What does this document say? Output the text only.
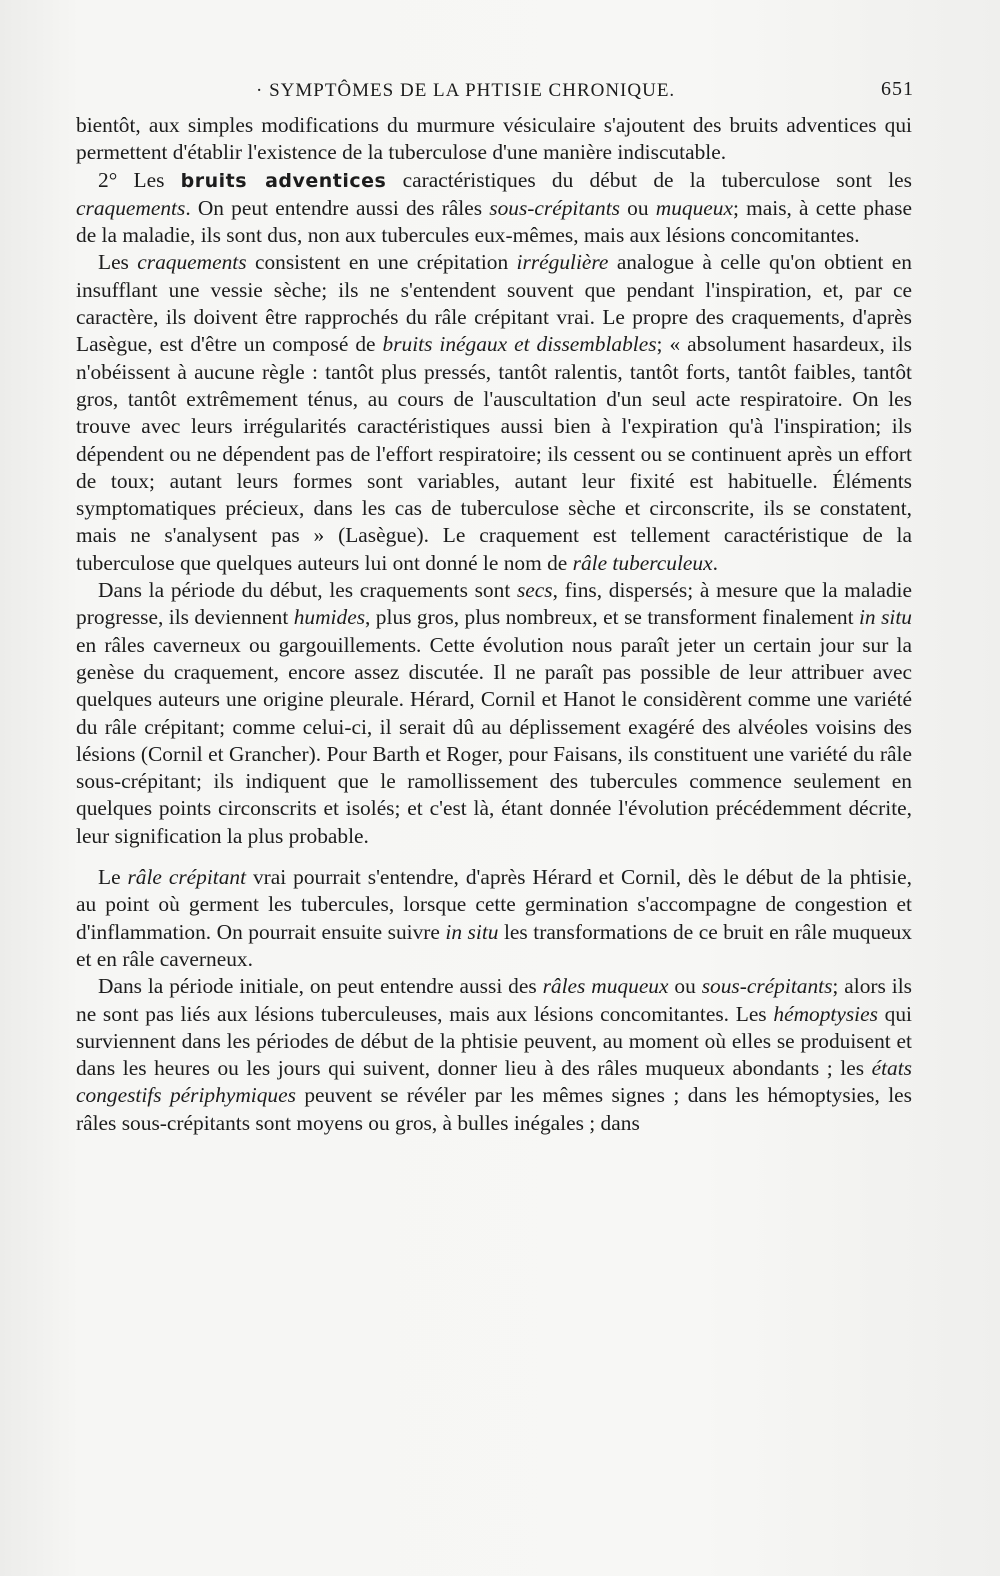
· SYMPTÔMES DE LA PHTISIE CHRONIQUE.	651

bientôt, aux simples modifications du murmure vésiculaire s'ajoutent des bruits adventices qui permettent d'établir l'existence de la tuberculose d'une manière indiscutable.

2° Les bruits adventices caractéristiques du début de la tuberculose sont les craquements. On peut entendre aussi des râles sous-crépitants ou muqueux; mais, à cette phase de la maladie, ils sont dus, non aux tubercules eux-mêmes, mais aux lésions concomitantes.

Les craquements consistent en une crépitation irrégulière analogue à celle qu'on obtient en insufflant une vessie sèche; ils ne s'entendent souvent que pendant l'inspiration, et, par ce caractère, ils doivent être rapprochés du râle crépitant vrai. Le propre des craquements, d'après Lasègue, est d'être un composé de bruits inégaux et dissemblables; « absolument hasardeux, ils n'obéissent à aucune règle : tantôt plus pressés, tantôt ralentis, tantôt forts, tantôt faibles, tantôt gros, tantôt extrêmement ténus, au cours de l'auscultation d'un seul acte respiratoire. On les trouve avec leurs irrégularités caractéristiques aussi bien à l'expiration qu'à l'inspiration; ils dépendent ou ne dépendent pas de l'effort respiratoire; ils cessent ou se continuent après un effort de toux; autant leurs formes sont variables, autant leur fixité est habituelle. Éléments symptomatiques précieux, dans les cas de tuberculose sèche et circonscrite, ils se constatent, mais ne s'analysent pas » (Lasègue). Le craquement est tellement caractéristique de la tuberculose que quelques auteurs lui ont donné le nom de râle tuberculeux.

Dans la période du début, les craquements sont secs, fins, dispersés; à mesure que la maladie progresse, ils deviennent humides, plus gros, plus nombreux, et se transforment finalement in situ en râles caverneux ou gargouillements. Cette évolution nous paraît jeter un certain jour sur la genèse du craquement, encore assez discutée. Il ne paraît pas possible de leur attribuer avec quelques auteurs une origine pleurale. Hérard, Cornil et Hanot le considèrent comme une variété du râle crépitant; comme celui-ci, il serait dû au déplissement exagéré des alvéoles voisins des lésions (Cornil et Grancher). Pour Barth et Roger, pour Faisans, ils constituent une variété du râle sous-crépitant; ils indiquent que le ramollissement des tubercules commence seulement en quelques points circonscrits et isolés; et c'est là, étant donnée l'évolution précédemment décrite, leur signification la plus probable.

Le râle crépitant vrai pourrait s'entendre, d'après Hérard et Cornil, dès le début de la phtisie, au point où germent les tubercules, lorsque cette germination s'accompagne de congestion et d'inflammation. On pourrait ensuite suivre in situ les transformations de ce bruit en râle muqueux et en râle caverneux.

Dans la période initiale, on peut entendre aussi des râles muqueux ou sous-crépitants; alors ils ne sont pas liés aux lésions tuberculeuses, mais aux lésions concomitantes. Les hémoptysies qui surviennent dans les périodes de début de la phtisie peuvent, au moment où elles se produisent et dans les heures ou les jours qui suivent, donner lieu à des râles muqueux abondants ; les états congestifs périphymiques peuvent se révéler par les mêmes signes ; dans les hémoptysies, les râles sous-crépitants sont moyens ou gros, à bulles inégales ; dans
